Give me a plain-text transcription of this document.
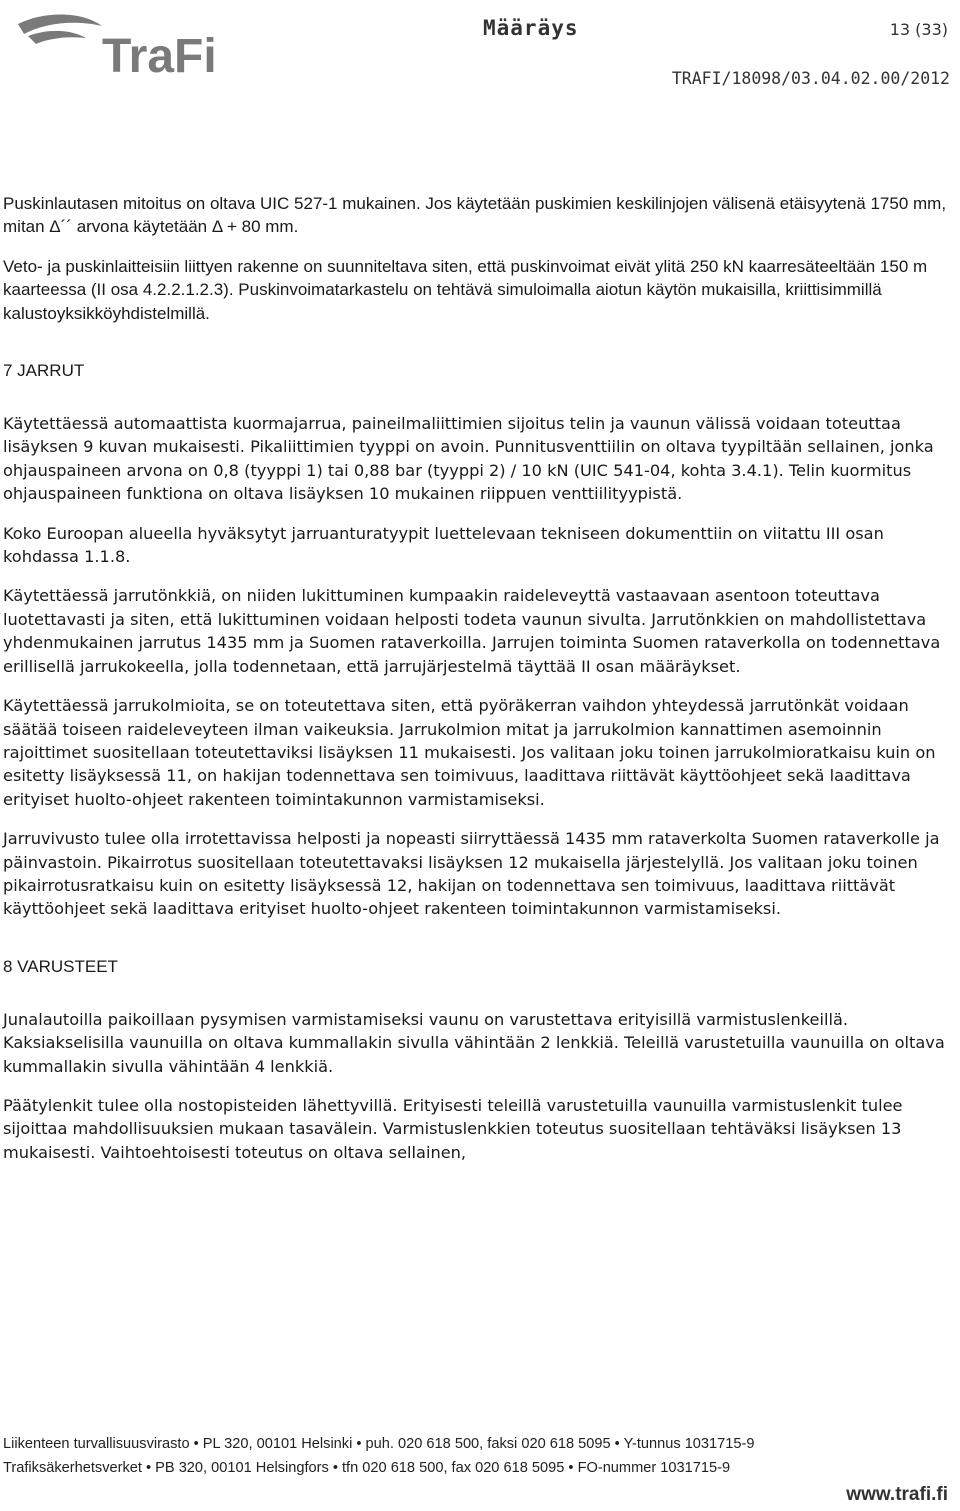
TraFi
Määräys	13 (33)
TRAFI/18098/03.04.02.00/2012

Puskinlautasen mitoitus on oltava UIC 527-1 mukainen. Jos käytetään puskimien keskilinjojen välisenä etäisyytenä 1750 mm, mitan Δ´´ arvona käytetään Δ + 80 mm.

Veto- ja puskinlaitteisiin liittyen rakenne on suunniteltava siten, että puskinvoimat eivät ylitä 250 kN kaarresäteeltään 150 m kaarteessa (II osa 4.2.2.1.2.3). Puskinvoimatarkastelu on tehtävä simuloimalla aiotun käytön mukaisilla, kriittisimmillä kalustoyksikköyhdistelmillä.

7 JARRUT

Käytettäessä automaattista kuormajarrua, paineilmaliittimien sijoitus telin ja vaunun välissä voidaan toteuttaa lisäyksen 9 kuvan mukaisesti. Pikaliittimien tyyppi on avoin. Punnitusventtiilin on oltava tyypiltään sellainen, jonka ohjauspaineen arvona on 0,8 (tyyppi 1) tai 0,88 bar (tyyppi 2) / 10 kN (UIC 541-04, kohta 3.4.1). Telin kuormitus ohjauspaineen funktiona on oltava lisäyksen 10 mukainen riippuen venttiilityypistä.

Koko Euroopan alueella hyväksytyt jarruanturatyypit luettelevaan tekniseen dokumenttiin on viitattu III osan kohdassa 1.1.8.

Käytettäessä jarrutönkkiä, on niiden lukittuminen kumpaakin raideleveyttä vastaavaan asentoon toteuttava luotettavasti ja siten, että lukittuminen voidaan helposti todeta vaunun sivulta. Jarrutönkkien on mahdollistettava yhdenmukainen jarrutus 1435 mm ja Suomen rataverkoilla. Jarrujen toiminta Suomen rataverkolla on todennettava erillisellä jarrukokeella, jolla todennetaan, että jarrujärjestelmä täyttää II osan määräykset.

Käytettäessä jarrukolmioita, se on toteutettava siten, että pyöräkerran vaihdon yhteydessä jarrutönkät voidaan säätää toiseen raideleveyteen ilman vaikeuksia. Jarrukolmion mitat ja jarrukolmion kannattimen asemoinnin rajoittimet suositellaan toteutettaviksi lisäyksen 11 mukaisesti. Jos valitaan joku toinen jarrukolmioratkaisu kuin on esitetty lisäyksessä 11, on hakijan todennettava sen toimivuus, laadittava riittävät käyttöohjeet sekä laadittava erityiset huolto-ohjeet rakenteen toimintakunnon varmistamiseksi.

Jarruvivusto tulee olla irrotettavissa helposti ja nopeasti siirryttäessä 1435 mm rataverkolta Suomen rataverkolle ja päinvastoin. Pikairrotus suositellaan toteutettavaksi lisäyksen 12 mukaisella järjestelyllä. Jos valitaan joku toinen pikairrotusratkaisu kuin on esitetty lisäyksessä 12, hakijan on todennettava sen toimivuus, laadittava riittävät käyttöohjeet sekä laadittava erityiset huolto-ohjeet rakenteen toimintakunnon varmistamiseksi.

8 VARUSTEET

Junalautoilla paikoillaan pysymisen varmistamiseksi vaunu on varustettava erityisillä varmistuslenkeillä. Kaksiakselisilla vaunuilla on oltava kummallakin sivulla vähintään 2 lenkkiä. Teleillä varustetuilla vaunuilla on oltava kummallakin sivulla vähintään 4 lenkkiä.

Päätylenkit tulee olla nostopisteiden lähettyvillä. Erityisesti teleillä varustetuilla vaunuilla varmistuslenkit tulee sijoittaa mahdollisuuksien mukaan tasavälein. Varmistuslenkkien toteutus suositellaan tehtäväksi lisäyksen 13 mukaisesti. Vaihtoehtoisesti toteutus on oltava sellainen,

Liikenteen turvallisuusvirasto • PL 320, 00101 Helsinki • puh. 020 618 500, faksi 020 618 5095 • Y-tunnus 1031715-9
Trafiksäkerhetsverket • PB 320, 00101 Helsingfors • tfn 020 618 500, fax 020 618 5095 • FO-nummer 1031715-9
www.trafi.fi
